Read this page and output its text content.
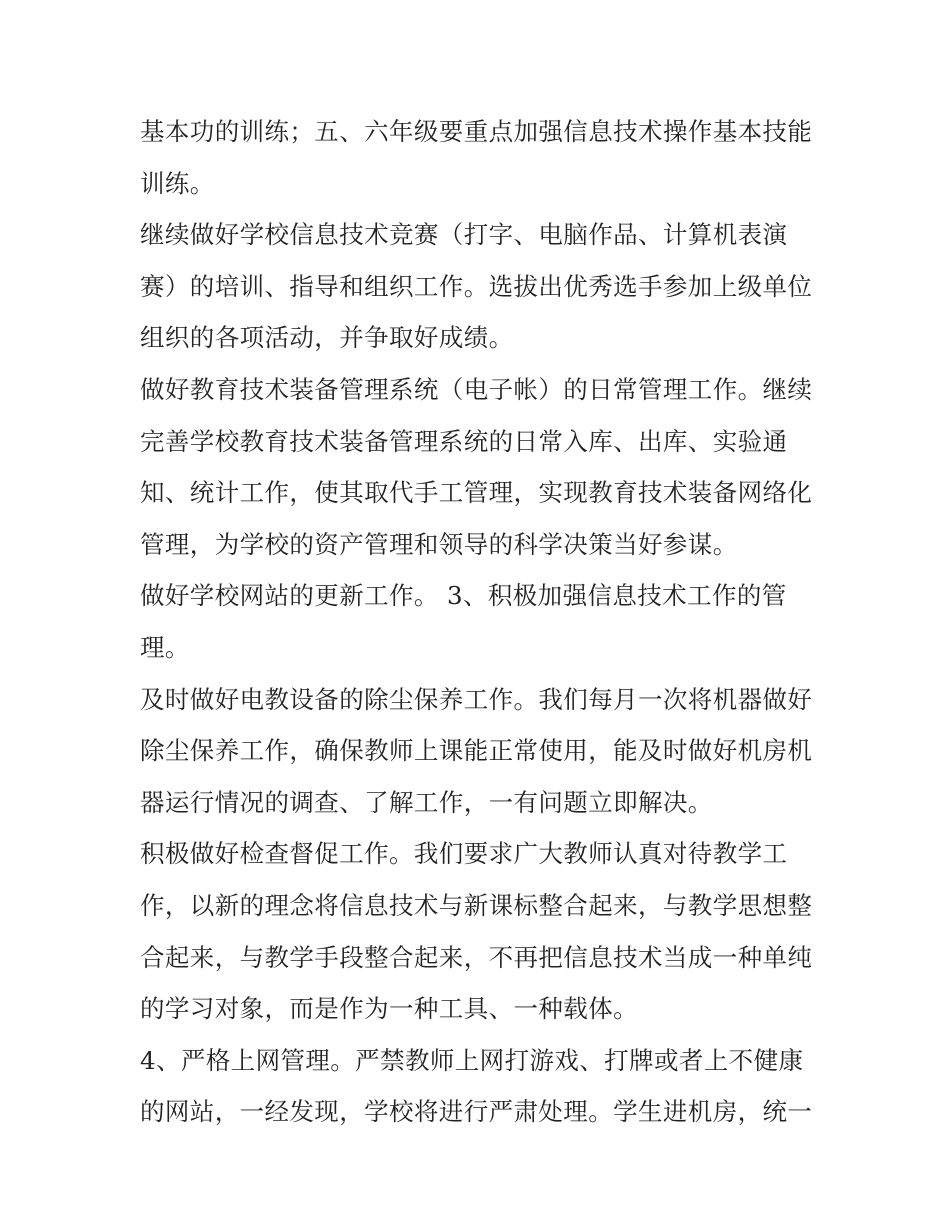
基本功的训练；五、六年级要重点加强信息技术操作基本技能
训练。
继续做好学校信息技术竞赛（打字、电脑作品、计算机表演
赛）的培训、指导和组织工作。选拔出优秀选手参加上级单位
组织的各项活动，并争取好成绩。
做好教育技术装备管理系统（电子帐）的日常管理工作。继续
完善学校教育技术装备管理系统的日常入库、出库、实验通
知、统计工作，使其取代手工管理，实现教育技术装备网络化
管理，为学校的资产管理和领导的科学决策当好参谋。
做好学校网站的更新工作。 3、积极加强信息技术工作的管
理。
及时做好电教设备的除尘保养工作。我们每月一次将机器做好
除尘保养工作，确保教师上课能正常使用，能及时做好机房机
器运行情况的调查、了解工作，一有问题立即解决。
积极做好检查督促工作。我们要求广大教师认真对待教学工
作，以新的理念将信息技术与新课标整合起来，与教学思想整
合起来，与教学手段整合起来，不再把信息技术当成一种单纯
的学习对象，而是作为一种工具、一种载体。
4、严格上网管理。严禁教师上网打游戏、打牌或者上不健康
的网站，一经发现，学校将进行严肃处理。学生进机房，统一
